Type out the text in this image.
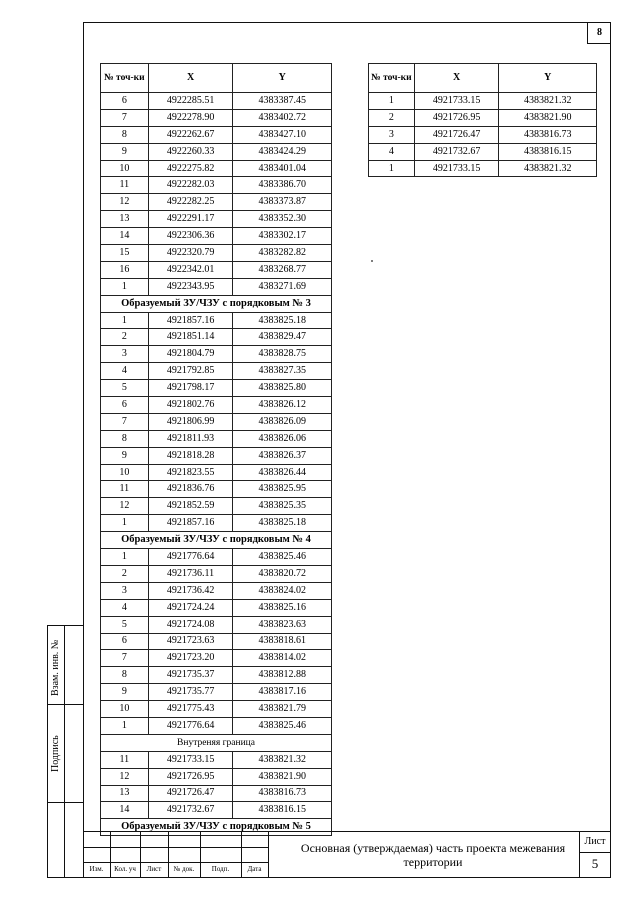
8
№ точ-ки	X	Y
6	4922285.51	4383387.45
7	4922278.90	4383402.72
8	4922262.67	4383427.10
9	4922260.33	4383424.29
10	4922275.82	4383401.04
11	4922282.03	4383386.70
12	4922282.25	4383373.87
13	4922291.17	4383352.30
14	4922306.36	4383302.17
15	4922320.79	4383282.82
16	4922342.01	4383268.77
1	4922343.95	4383271.69
Образуемый ЗУ/ЧЗУ с порядковым № 3		
1	4921857.16	4383825.18
2	4921851.14	4383829.47
3	4921804.79	4383828.75
4	4921792.85	4383827.35
5	4921798.17	4383825.80
6	4921802.76	4383826.12
7	4921806.99	4383826.09
8	4921811.93	4383826.06
9	4921818.28	4383826.37
10	4921823.55	4383826.44
11	4921836.76	4383825.95
12	4921852.59	4383825.35
1	4921857.16	4383825.18
Образуемый ЗУ/ЧЗУ с порядковым № 4		
1	4921776.64	4383825.46
2	4921736.11	4383820.72
3	4921736.42	4383824.02
4	4921724.24	4383825.16
5	4921724.08	4383823.63
6	4921723.63	4383818.61
7	4921723.20	4383814.02
8	4921735.37	4383812.88
9	4921735.77	4383817.16
10	4921775.43	4383821.79
1	4921776.64	4383825.46
Внутреняя граница		
11	4921733.15	4383821.32
12	4921726.95	4383821.90
13	4921726.47	4383816.73
14	4921732.67	4383816.15
Образуемый ЗУ/ЧЗУ с порядковым № 5		
№ точ-ки	X	Y
1	4921733.15	4383821.32
2	4921726.95	4383821.90
3	4921726.47	4383816.73
4	4921732.67	4383816.15
1	4921733.15	4383821.32
Взам. инв. №
Подпись
Изм.	Кол. уч	Лист	№ док.	Подп.	Дата
Основная (утверждаемая) часть проекта межевания территории
Лист
5
